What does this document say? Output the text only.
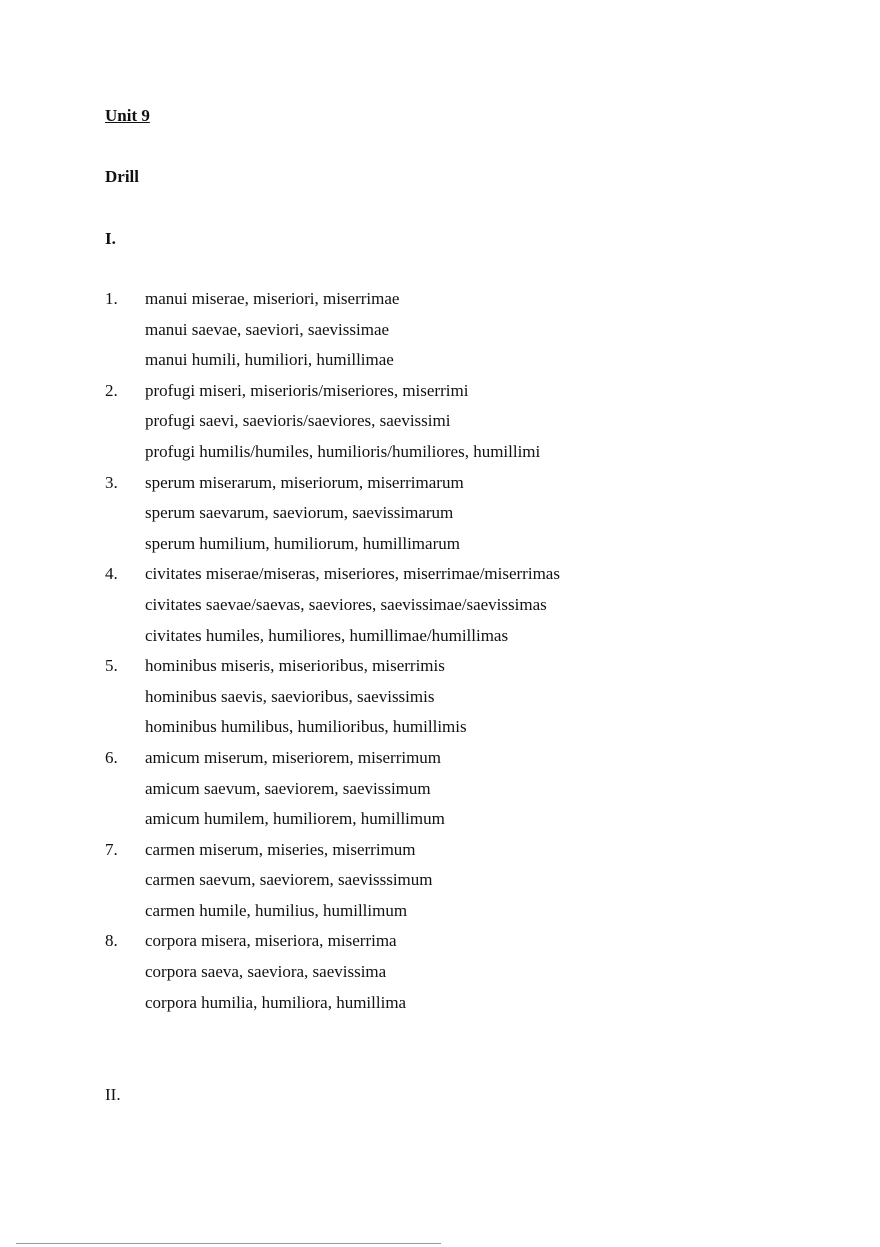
Unit 9
Drill
I.
1.	manui miserae, miseriori, miserrimae
manui saevae, saeviori, saevissimae
manui humili, humiliori, humillimae
2.	profugi miseri, miserioris/miseriores, miserrimi
profugi saevi, saevioris/saeviores, saevissimi
profugi humilis/humiles, humilioris/humiliores, humillimi
3.	sperum miserarum, miseriorum, miserrimarum
sperum saevarum, saeviorum, saevissimarum
sperum humilium, humiliorum, humillimarum
4.	civitates miserae/miseras, miseriores, miserrimae/miserrimas
civitates saevae/saevas, saeviores, saevissimae/saevissimas
civitates humiles, humiliores, humillimae/humillimas
5.	hominibus miseris, miserioribus, miserrimis
hominibus saevis, saevioribus, saevissimis
hominibus humilibus, humilioribus, humillimis
6.	amicum miserum, miseriorem, miserrimum
amicum saevum, saeviorem, saevissimum
amicum humilem, humiliorem, humillimum
7.	carmen miserum, miseries, miserrimum
carmen saevum, saeviorem, saevisssimum
carmen humile, humilius, humillimum
8.	corpora misera, miseriora, miserrima
corpora saeva, saeviora, saevissima
corpora humilia, humiliora, humillima
II.
